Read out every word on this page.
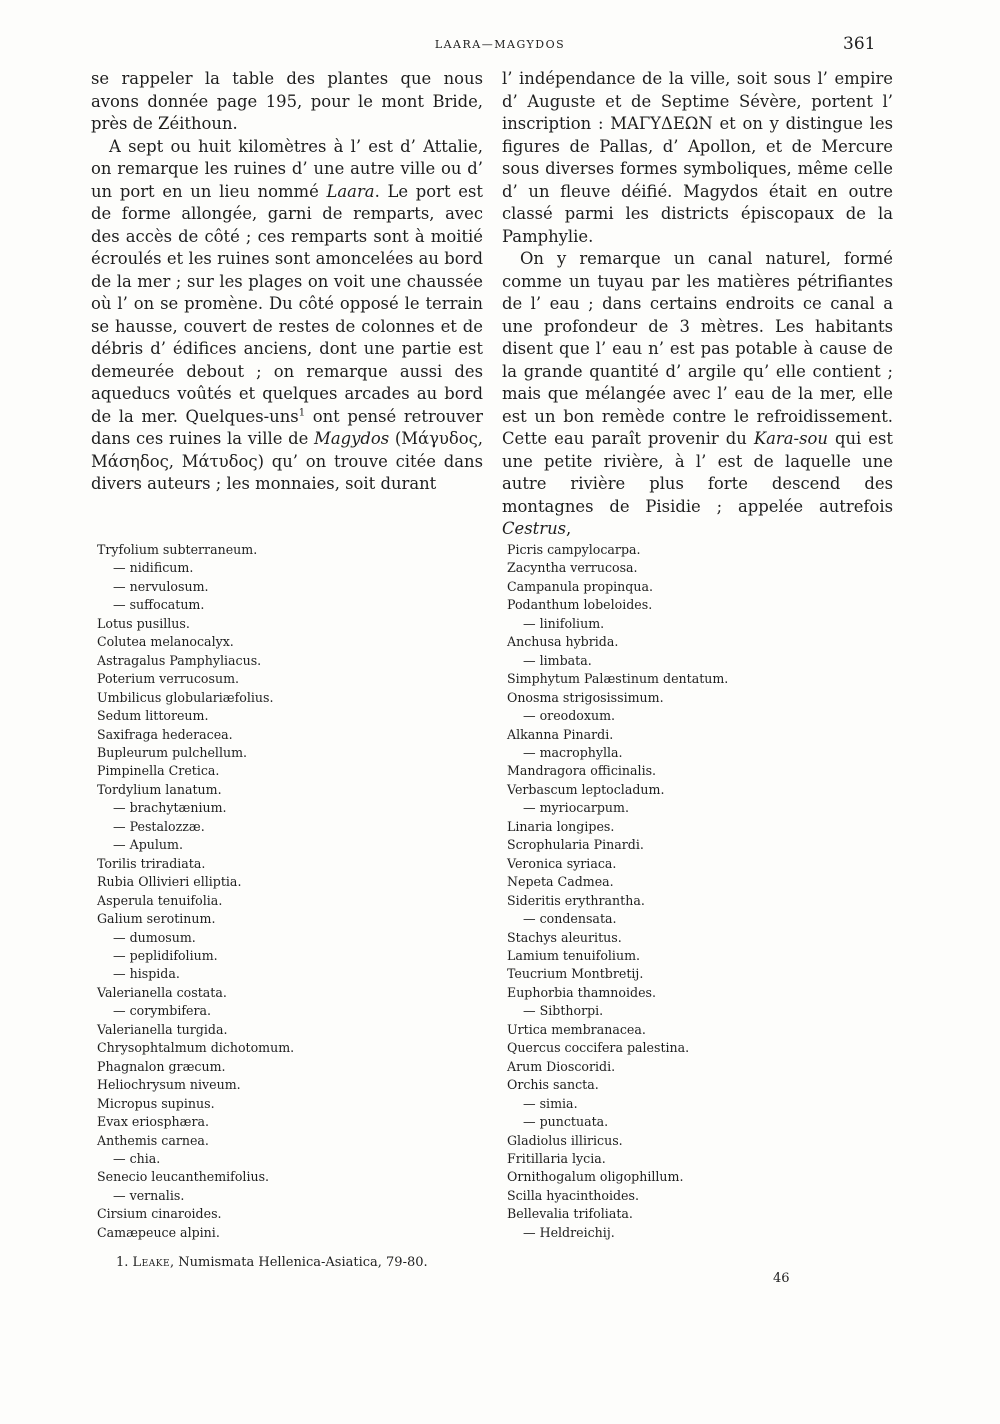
LAARA—MAGYDOS	361

se rappeler la table des plantes que nous avons donnée page 195, pour le mont Bride, près de Zéithoun.

A sept ou huit kilomètres à l’ est d’ Attalie, on remarque les ruines d’ une autre ville ou d’ un port en un lieu nommé Laara. Le port est de forme allongée, garni de remparts, avec des accès de côté ; ces remparts sont à moitié écroulés et les ruines sont amoncelées au bord de la mer ; sur les plages on voit une chaussée où l’ on se promène. Du côté opposé le terrain se hausse, couvert de restes de colonnes et de débris d’ édifices anciens, dont une partie est demeurée debout ; on remarque aussi des aqueducs voûtés et quelques arcades au bord de la mer. Quelques-uns$^1$ ont pensé retrouver dans ces ruines la ville de Magydos (Μάγυδος, Μάσηδος, Μάτυδος) qu’ on trouve citée dans divers auteurs ; les monnaies, soit durant

l’ indépendance de la ville, soit sous l’ empire d’ Auguste et de Septime Sévère, portent l’ inscription : ΜΑΓΥΔΕΩΝ et on y distingue les figures de Pallas, d’ Apollon, et de Mercure sous diverses formes symboliques, même celle d’ un fleuve déifié. Magydos était en outre classé parmi les districts épiscopaux de la Pamphylie.

On y remarque un canal naturel, formé comme un tuyau par les matières pétrifiantes de l’ eau ; dans certains endroits ce canal a une profondeur de 3 mètres. Les habitants disent que l’ eau n’ est pas potable à cause de la grande quantité d’ argile qu’ elle contient ; mais que mélangée avec l’ eau de la mer, elle est un bon remède contre le refroidissement. Cette eau paraît provenir du Kara-sou qui est une petite rivière, à l’ est de laquelle une autre rivière plus forte descend des montagnes de Pisidie ; appelée autrefois Cestrus,

Tryfolium subterraneum.
— nidificum.
— nervulosum.
— suffocatum.
Lotus pusillus.
Colutea melanocalyx.
Astragalus Pamphyliacus.
Poterium verrucosum.
Umbilicus globulariæfolius.
Sedum littoreum.
Saxifraga hederacea.
Bupleurum pulchellum.
Pimpinella Cretica.
Tordylium lanatum.
— brachytænium.
— Pestalozzæ.
— Apulum.
Torilis triradiata.
Rubia Ollivieri elliptia.
Asperula tenuifolia.
Galium serotinum.
— dumosum.
— peplidifolium.
— hispida.
Valerianella costata.
— corymbifera.
Valerianella turgida.
Chrysophtalmum dichotomum.
Phagnalon græcum.
Heliochrysum niveum.
Micropus supinus.
Evax eriosphæra.
Anthemis carnea.
— chia.
Senecio leucanthemifolius.
— vernalis.
Cirsium cinaroides.
Camæpeuce alpini.
Picris campylocarpa.
Zacyntha verrucosa.
Campanula propinqua.
Podanthum lobeloides.
— linifolium.
Anchusa hybrida.
— limbata.
Simphytum Palæstinum dentatum.
Onosma strigosissimum.
— oreodoxum.
Alkanna Pinardi.
— macrophylla.
Mandragora officinalis.
Verbascum leptocladum.
— myriocarpum.
Linaria longipes.
Scrophularia Pinardi.
Veronica syriaca.
Nepeta Cadmea.
Sideritis erythrantha.
— condensata.
Stachys aleuritus.
Lamium tenuifolium.
Teucrium Montbretij.
Euphorbia thamnoides.
— Sibthorpi.
Urtica membranacea.
Quercus coccifera palestina.
Arum Dioscoridi.
Orchis sancta.
— simia.
— punctuata.
Gladiolus illiricus.
Fritillaria lycia.
Ornithogalum oligophillum.
Scilla hyacinthoides.
Bellevalia trifoliata.
— Heldreichij.
1. Leake, Numismata Hellenica-Asiatica, 79-80.
46
